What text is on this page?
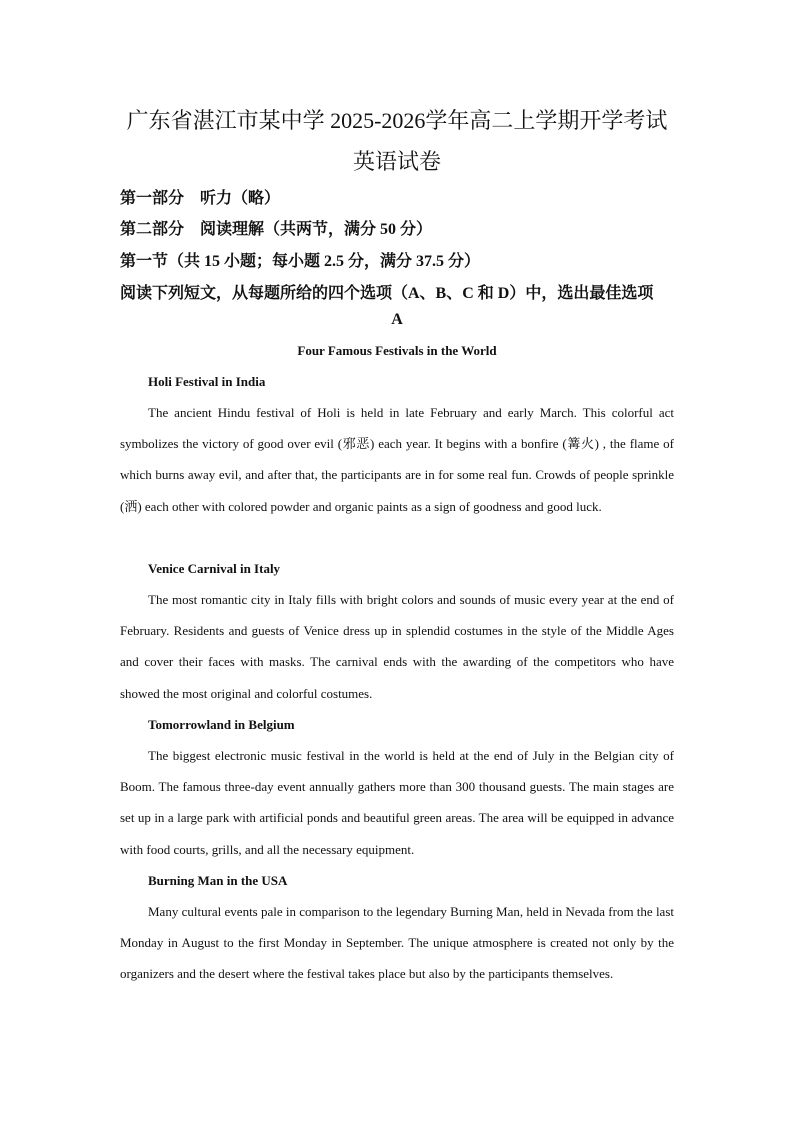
广东省湛江市某中学 2025-2026学年高二上学期开学考试
英语试卷
第一部分　听力（略）
第二部分　阅读理解（共两节，满分 50 分）
第一节（共 15 小题；每小题 2.5 分，满分 37.5 分）
阅读下列短文，从每题所给的四个选项（A、B、C 和 D）中，选出最佳选项
A
Four Famous Festivals in the World
Holi Festival in India

The ancient Hindu festival of Holi is held in late February and early March. This colorful act symbolizes the victory of good over evil (邪恶) each year. It begins with a bonfire (篝火) , the flame of which burns away evil, and after that, the participants are in for some real fun. Crowds of people sprinkle (洒) each other with colored powder and organic paints as a sign of goodness and good luck.

Venice Carnival in Italy

The most romantic city in Italy fills with bright colors and sounds of music every year at the end of February. Residents and guests of Venice dress up in splendid costumes in the style of the Middle Ages and cover their faces with masks. The carnival ends with the awarding of the competitors who have showed the most original and colorful costumes.

Tomorrowland in Belgium

The biggest electronic music festival in the world is held at the end of July in the Belgian city of Boom. The famous three-day event annually gathers more than 300 thousand guests. The main stages are set up in a large park with artificial ponds and beautiful green areas. The area will be equipped in advance with food courts, grills, and all the necessary equipment.

Burning Man in the USA

Many cultural events pale in comparison to the legendary Burning Man, held in Nevada from the last Monday in August to the first Monday in September. The unique atmosphere is created not only by the organizers and the desert where the festival takes place but also by the participants themselves.
